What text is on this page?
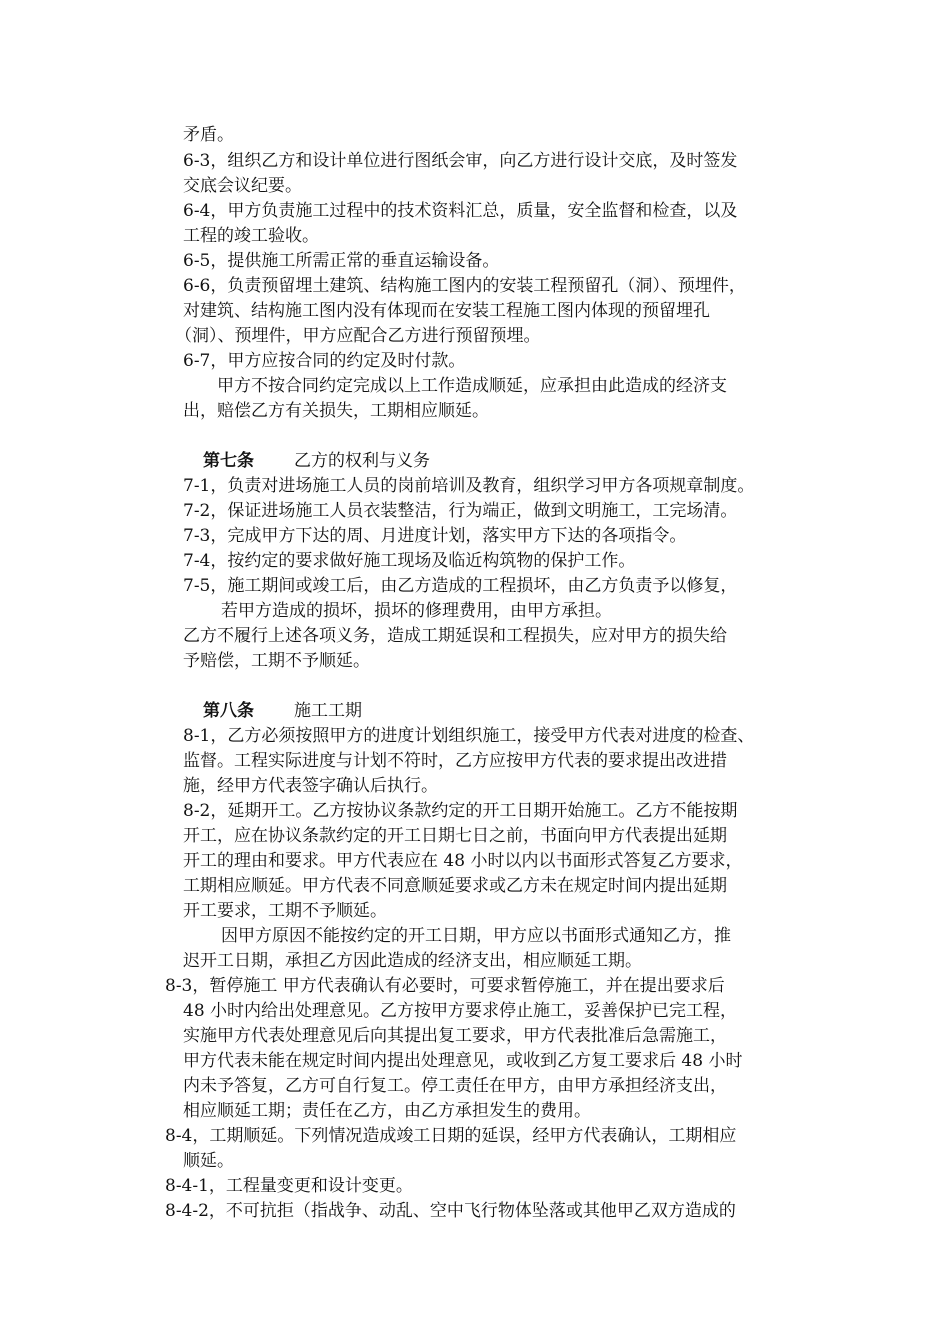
矛盾。
6-3，组织乙方和设计单位进行图纸会审，向乙方进行设计交底，及时签发
交底会议纪要。
6-4，甲方负责施工过程中的技术资料汇总，质量，安全监督和检查，以及
工程的竣工验收。
6-5，提供施工所需正常的垂直运输设备。
6-6，负责预留埋土建筑、结构施工图内的安装工程预留孔（洞）、预埋件，
对建筑、结构施工图内没有体现而在安装工程施工图内体现的预留埋孔
（洞）、预埋件，甲方应配合乙方进行预留预埋。
6-7，甲方应按合同的约定及时付款。
甲方不按合同约定完成以上工作造成顺延，应承担由此造成的经济支
出，赔偿乙方有关损失，工期相应顺延。
第七条 乙方的权利与义务
7-1，负责对进场施工人员的岗前培训及教育，组织学习甲方各项规章制度。
7-2，保证进场施工人员衣装整洁，行为端正，做到文明施工，工完场清。
7-3，完成甲方下达的周、月进度计划，落实甲方下达的各项指令。
7-4，按约定的要求做好施工现场及临近构筑物的保护工作。
7-5，施工期间或竣工后，由乙方造成的工程损坏，由乙方负责予以修复，
若甲方造成的损坏，损坏的修理费用，由甲方承担。
乙方不履行上述各项义务，造成工期延误和工程损失，应对甲方的损失给
予赔偿，工期不予顺延。
第八条 施工工期
8-1，乙方必须按照甲方的进度计划组织施工，接受甲方代表对进度的检查、
监督。工程实际进度与计划不符时，乙方应按甲方代表的要求提出改进措
施，经甲方代表签字确认后执行。
8-2，延期开工。乙方按协议条款约定的开工日期开始施工。乙方不能按期
开工，应在协议条款约定的开工日期七日之前，书面向甲方代表提出延期
开工的理由和要求。甲方代表应在 48 小时以内以书面形式答复乙方要求，
工期相应顺延。甲方代表不同意顺延要求或乙方未在规定时间内提出延期
开工要求，工期不予顺延。
因甲方原因不能按约定的开工日期，甲方应以书面形式通知乙方，推
迟开工日期，承担乙方因此造成的经济支出，相应顺延工期。
8-3，暂停施工 甲方代表确认有必要时，可要求暂停施工，并在提出要求后
48 小时内给出处理意见。乙方按甲方要求停止施工，妥善保护已完工程，
实施甲方代表处理意见后向其提出复工要求，甲方代表批准后急需施工，
甲方代表未能在规定时间内提出处理意见，或收到乙方复工要求后 48 小时
内未予答复，乙方可自行复工。停工责任在甲方，由甲方承担经济支出，
相应顺延工期；责任在乙方，由乙方承担发生的费用。
8-4，工期顺延。下列情况造成竣工日期的延误，经甲方代表确认，工期相应
顺延。
8-4-1，工程量变更和设计变更。
8-4-2，不可抗拒（指战争、动乱、空中飞行物体坠落或其他甲乙双方造成的
